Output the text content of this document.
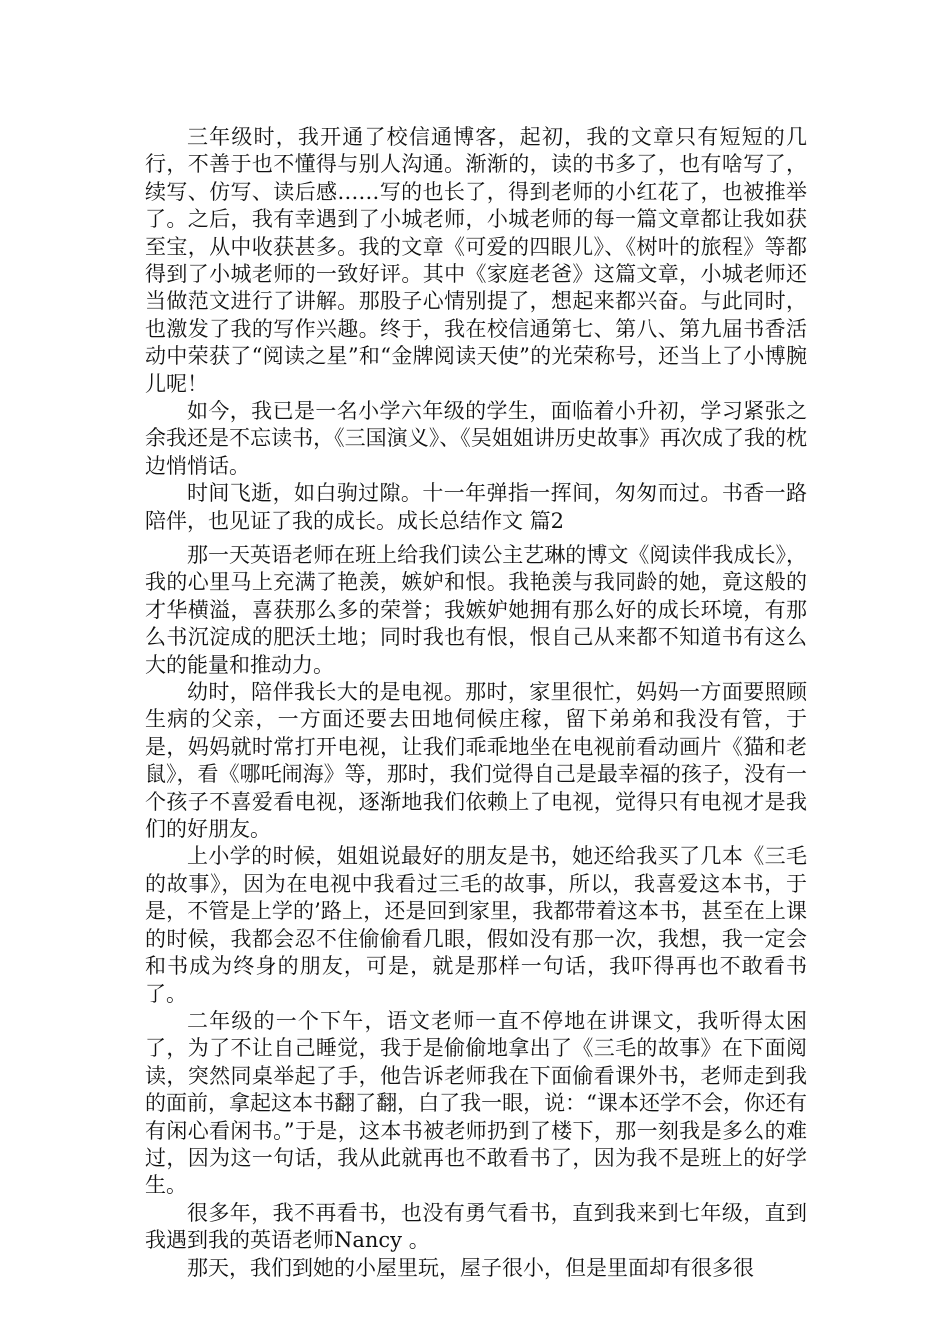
三年级时，我开通了校信通博客，起初，我的文章只有短短的几行，不善于也不懂得与别人沟通。渐渐的，读的书多了，也有啥写了，续写、仿写、读后感……写的也长了，得到老师的小红花了，也被推举了。之后，我有幸遇到了小城老师，小城老师的每一篇文章都让我如获至宝，从中收获甚多。我的文章《可爱的四眼儿》、《树叶的旅程》等都得到了小城老师的一致好评。其中《家庭老爸》这篇文章，小城老师还当做范文进行了讲解。那股子心情别提了，想起来都兴奋。与此同时，也激发了我的写作兴趣。终于，我在校信通第七、第八、第九届书香活动中荣获了“阅读之星”和“金牌阅读天使”的光荣称号，还当上了小博腕儿呢！

如今，我已是一名小学六年级的学生，面临着小升初，学习紧张之余我还是不忘读书，《三国演义》、《吴姐姐讲历史故事》再次成了我的枕边悄悄话。

时间飞逝，如白驹过隙。十一年弹指一挥间，匆匆而过。书香一路陪伴，也见证了我的成长。成长总结作文 篇2

那一天英语老师在班上给我们读公主艺琳的博文《阅读伴我成长》，我的心里马上充满了艳羡，嫉妒和恨。我艳羡与我同龄的她，竟这般的才华横溢，喜获那么多的荣誉；我嫉妒她拥有那么好的成长环境，有那么书沉淀成的肥沃土地；同时我也有恨，恨自己从来都不知道书有这么大的能量和推动力。

幼时，陪伴我长大的是电视。那时，家里很忙，妈妈一方面要照顾生病的父亲，一方面还要去田地伺候庄稼，留下弟弟和我没有管，于是，妈妈就时常打开电视，让我们乖乖地坐在电视前看动画片《猫和老鼠》，看《哪吒闹海》等，那时，我们觉得自己是最幸福的孩子，没有一个孩子不喜爱看电视，逐渐地我们依赖上了电视，觉得只有电视才是我们的好朋友。

上小学的时候，姐姐说最好的朋友是书，她还给我买了几本《三毛的故事》，因为在电视中我看过三毛的故事，所以，我喜爱这本书，于是，不管是上学的’路上，还是回到家里，我都带着这本书，甚至在上课的时候，我都会忍不住偷偷看几眼，假如没有那一次，我想，我一定会和书成为终身的朋友，可是，就是那样一句话，我吓得再也不敢看书了。

二年级的一个下午，语文老师一直不停地在讲课文，我听得太困了，为了不让自己睡觉，我于是偷偷地拿出了《三毛的故事》在下面阅读，突然同桌举起了手，他告诉老师我在下面偷看课外书，老师走到我的面前，拿起这本书翻了翻，白了我一眼，说：“课本还学不会，你还有有闲心看闲书。”于是，这本书被老师扔到了楼下，那一刻我是多么的难过，因为这一句话，我从此就再也不敢看书了，因为我不是班上的好学生。

很多年，我不再看书，也没有勇气看书，直到我来到七年级，直到我遇到我的英语老师Nancy 。

那天，我们到她的小屋里玩，屋子很小，但是里面却有很多很
